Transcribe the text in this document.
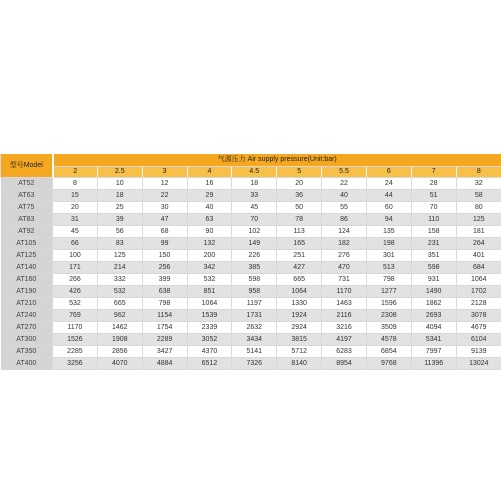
型号Model	气源压力 Air supply pressure(Unit:bar)									
	2	2.5	3	4	4.5	5	5.5	6	7	8
AT52	8	10	12	16	18	20	22	24	28	32
AT63	15	18	22	29	33	36	40	44	51	58
AT75	20	25	30	40	45	50	55	60	70	80
AT83	31	39	47	63	70	78	86	94	110	125
AT92	45	56	68	90	102	113	124	135	158	181
AT105	66	83	99	132	149	165	182	198	231	264
AT125	100	125	150	200	226	251	276	301	351	401
AT140	171	214	256	342	385	427	470	513	598	684
AT160	266	332	399	532	598	665	731	798	931	1064
AT190	426	532	638	851	958	1064	1170	1277	1490	1702
AT210	532	665	798	1064	1197	1330	1463	1596	1862	2128
AT240	769	962	1154	1539	1731	1924	2116	2308	2693	3078
AT270	1170	1462	1754	2339	2632	2924	3216	3509	4094	4679
AT300	1526	1908	2289	3052	3434	3815	4197	4578	5341	6104
AT350	2285	2856	3427	4370	5141	5712	6283	6854	7997	9139
AT400	3256	4070	4884	6512	7326	8140	8954	9768	11396	13024
